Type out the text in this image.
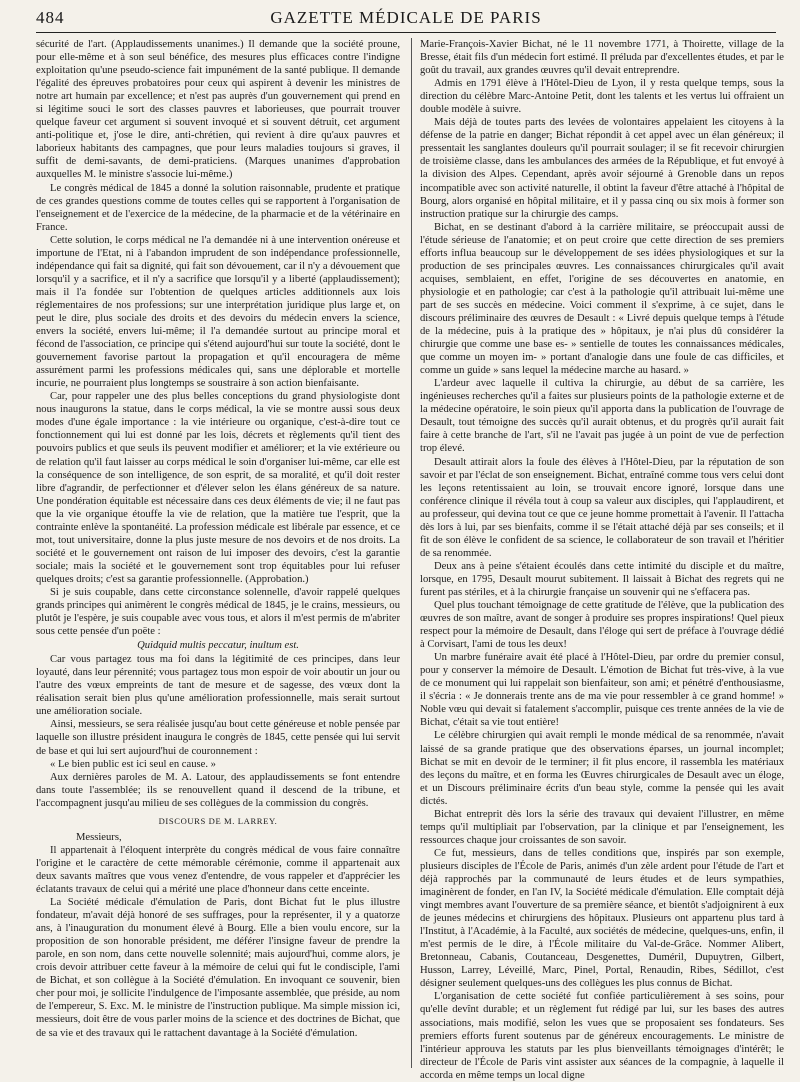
484	GAZETTE MÉDICALE DE PARIS

sécurité de l'art. (Applaudissements unanimes.) Il demande que la société proune, pour elle-même et à son seul bénéfice, des mesures plus efficaces contre l'indigne exploitation qu'une pseudo-science fait impunément de la santé publique. Il demande l'égalité des épreuves probatoires pour ceux qui aspirent à devenir les ministres de notre art humain par excellence; et n'est pas auprès d'un gouvernement qui prend en si légitime souci le sort des classes pauvres et laborieuses, que pourrait trouver quelque faveur cet argument si souvent invoqué et si souvent détruit, cet argument anti-politique et, j'ose le dire, anti-chrétien, qui revient à dire qu'aux pauvres et laborieux habitants des campagnes, que pour leurs maladies toujours si graves, il suffit de demi-savants, de demi-praticiens. (Marques unanimes d'approbation auxquelles M. le ministre s'associe lui-même.)

Le congrès médical de 1845 a donné la solution raisonnable, prudente et pratique de ces grandes questions comme de toutes celles qui se rapportent à l'organisation de l'enseignement et de l'exercice de la médecine, de la pharmacie et de la vétérinaire en France.

Cette solution, le corps médical ne l'a demandée ni à une intervention onéreuse et importune de l'Etat, ni à l'abandon imprudent de son indépendance professionnelle, indépendance qui fait sa dignité, qui fait son dévouement, car il n'y a dévouement que lorsqu'il y a sacrifice, et il n'y a sacrifice que lorsqu'il y a liberté (applaudissement); mais il l'a fondée sur l'obtention de quelques articles additionnels aux lois réglementaires de nos professions; sur une interprétation juridique plus large et, on peut le dire, plus sociale des droits et des devoirs du médecin envers la science, envers la société, envers lui-même; il l'a demandée surtout au principe moral et fécond de l'association, ce principe qui s'étend aujourd'hui sur toute la société, dont le gouvernement favorise partout la propagation et qu'il encouragera de même assurément parmi les professions médicales qui, sans une déplorable et mortelle incurie, ne pourraient plus longtemps se soustraire à son action bienfaisante.

Car, pour rappeler une des plus belles conceptions du grand physiologiste dont nous inaugurons la statue, dans le corps médical, la vie se montre aussi sous deux modes d'une égale importance : la vie intérieure ou organique, c'est-à-dire tout ce fonctionnement qui lui est donné par les lois, décrets et règlements qu'il tient des pouvoirs publics et que seuls ils peuvent modifier et améliorer; et la vie extérieure ou de relation qu'il faut laisser au corps médical le soin d'organiser lui-même, car elle est la conséquence de son intelligence, de son esprit, de sa moralité, et qu'il doit rester libre d'agrandir, de perfectionner et d'élever selon les élans généreux de sa nature. Une pondération équitable est nécessaire dans ces deux éléments de vie; il ne faut pas que la vie organique étouffe la vie de relation, que la matière tue l'esprit, que la contrainte enlève la spontanéité. La profession médicale est libérale par essence, et ce mot, tout universitaire, donne la plus juste mesure de nos devoirs et de nos droits. La société et le gouvernement ont raison de lui imposer des devoirs, c'est la garantie sociale; mais la société et le gouvernement sont trop équitables pour lui refuser quelques droits; c'est sa garantie professionnelle. (Approbation.)

Si je suis coupable, dans cette circonstance solennelle, d'avoir rappelé quelques grands principes qui animèrent le congrès médical de 1845, je le crains, messieurs, ou plutôt je l'espère, je suis coupable avec vous tous, et alors il m'est permis de m'abriter sous cette pensée d'un poëte :

Quidquid multis peccatur, inultum est.

Car vous partagez tous ma foi dans la légitimité de ces principes, dans leur loyauté, dans leur pérennité; vous partagez tous mon espoir de voir aboutir un jour ou l'autre des vœux empreints de tant de mesure et de sagesse, des vœux dont la réalisation serait bien plus qu'une amélioration professionnelle, mais serait surtout une amélioration sociale.

Ainsi, messieurs, se sera réalisée jusqu'au bout cette généreuse et noble pensée par laquelle son illustre président inaugura le congrès de 1845, cette pensée qui lui servit de base et qui lui sert aujourd'hui de couronnement :

« Le bien public est ici seul en cause. »

Aux dernières paroles de M. A. Latour, des applaudissements se font entendre dans toute l'assemblée; ils se renouvellent quand il descend de la tribune, et l'accompagnent jusqu'au milieu de ses collègues de la commission du congrès.

DISCOURS DE M. LARREY.

Messieurs,

Il appartenait à l'éloquent interprète du congrès médical de vous faire connaître l'origine et le caractère de cette mémorable cérémonie, comme il appartenait aux deux savants maîtres que vous venez d'entendre, de vous rappeler et d'apprécier les éclatants travaux de celui qui a mérité une place d'honneur dans cette enceinte.

La Société médicale d'émulation de Paris, dont Bichat fut le plus illustre fondateur, m'avait déjà honoré de ses suffrages, pour la représenter, il y a quatorze ans, à l'inauguration du monument élevé à Bourg. Elle a bien voulu encore, sur la proposition de son honorable président, me déférer l'insigne faveur de prendre la parole, en son nom, dans cette nouvelle solennité; mais aujourd'hui, comme alors, je crois devoir attribuer cette faveur à la mémoire de celui qui fut le condisciple, l'ami de Bichat, et son collègue à la Société d'émulation. En invoquant ce souvenir, bien cher pour moi, je sollicite l'indulgence de l'imposante assemblée, que préside, au nom de l'empereur, S. Exc. M. le ministre de l'instruction publique. Ma simple mission ici, messieurs, doit être de vous parler moins de la science et des doctrines de Bichat, que de sa vie et des travaux qui le rattachent davantage à la Société d'émulation.

Marie-François-Xavier Bichat, né le 11 novembre 1771, à Thoirette, village de la Bresse, était fils d'un médecin fort estimé. Il préluda par d'excellentes études, et par le goût du travail, aux grandes œuvres qu'il devait entreprendre.

Admis en 1791 élève à l'Hôtel-Dieu de Lyon, il y resta quelque temps, sous la direction du célèbre Marc-Antoine Petit, dont les talents et les vertus lui offraient un double modèle à suivre.

Mais déjà de toutes parts des levées de volontaires appelaient les citoyens à la défense de la patrie en danger; Bichat répondit à cet appel avec un élan généreux; il pressentait les sanglantes douleurs qu'il pourrait soulager; il se fit recevoir chirurgien de troisième classe, dans les ambulances des armées de la République, et fut envoyé à la division des Alpes. Cependant, après avoir séjourné à Grenoble dans un repos incompatible avec son activité naturelle, il obtint la faveur d'être attaché à l'hôpital de Bourg, alors organisé en hôpital militaire, et il y passa cinq ou six mois à former son instruction pratique sur la chirurgie des camps.

Bichat, en se destinant d'abord à la carrière militaire, se préoccupait aussi de l'étude sérieuse de l'anatomie; et on peut croire que cette direction de ses premiers efforts influa beaucoup sur le développement de ses idées physiologiques et sur la production de ses principales œuvres. Les connaissances chirurgicales qu'il avait acquises, semblaient, en effet, l'origine de ses découvertes en anatomie, en physiologie et en pathologie; car c'est à la pathologie qu'il attribuait lui-même une part de ses succès en médecine. Voici comment il s'exprime, à ce sujet, dans le discours préliminaire des œuvres de Desault : « Livré depuis quelque temps à l'étude de la médecine, puis à la pratique des » hôpitaux, je n'ai plus dû considérer la chirurgie que comme une base es- » sentielle de toutes les connaissances médicales, que comme un moyen im- » portant d'analogie dans une foule de cas difficiles, et comme un guide » sans lequel la médecine marche au hasard. »

L'ardeur avec laquelle il cultiva la chirurgie, au début de sa carrière, les ingénieuses recherches qu'il a faites sur plusieurs points de la pathologie externe et de la médecine opératoire, le soin pieux qu'il apporta dans la publication de l'ouvrage de Desault, tout témoigne des succès qu'il aurait obtenus, et du progrès qu'il aurait fait faire à cette branche de l'art, s'il ne l'avait pas jugée à un point de vue de perfection trop élevé.

Desault attirait alors la foule des élèves à l'Hôtel-Dieu, par la réputation de son savoir et par l'éclat de son enseignement. Bichat, entraîné comme tous vers celui dont les leçons retentissaient au loin, se trouvait encore ignoré, lorsque dans une conférence clinique il révéla tout à coup sa valeur aux disciples, qui l'applaudirent, et au professeur, qui devina tout ce que ce jeune homme promettait à l'avenir. Il l'attacha dès lors à lui, par ses bienfaits, comme il se l'était attaché déjà par ses conseils; et il fit de son élève le confident de sa science, le collaborateur de son travail et l'héritier de sa renommée.

Deux ans à peine s'étaient écoulés dans cette intimité du disciple et du maître, lorsque, en 1795, Desault mourut subitement. Il laissait à Bichat des regrets qui ne furent pas stériles, et à la chirurgie française un souvenir qui ne s'effacera pas.

Quel plus touchant témoignage de cette gratitude de l'élève, que la publication des œuvres de son maître, avant de songer à produire ses propres inspirations! Quel pieux respect pour la mémoire de Desault, dans l'éloge qui sert de préface à l'ouvrage dédié à Corvisart, l'ami de tous les deux!

Un marbre funéraire avait été placé à l'Hôtel-Dieu, par ordre du premier consul, pour y conserver la mémoire de Desault. L'émotion de Bichat fut très-vive, à la vue de ce monument qui lui rappelait son bienfaiteur, son ami; et pénétré d'enthousiasme, il s'écria : « Je donnerais trente ans de ma vie pour ressembler à ce grand homme! » Noble vœu qui devait si fatalement s'accomplir, puisque ces trente années de la vie de Bichat, c'était sa vie tout entière!

Le célèbre chirurgien qui avait rempli le monde médical de sa renommée, n'avait laissé de sa grande pratique que des observations éparses, un journal incomplet; Bichat se mit en devoir de le terminer; il fit plus encore, il rassembla les matériaux des leçons du maître, et en forma les Œuvres chirurgicales de Desault avec un éloge, et un Discours préliminaire écrits d'un beau style, comme la pensée qui les avait dictés.

Bichat entreprit dès lors la série des travaux qui devaient l'illustrer, en même temps qu'il multipliait par l'observation, par la clinique et par l'enseignement, les ressources chaque jour croissantes de son savoir.

Ce fut, messieurs, dans de telles conditions que, inspirés par son exemple, plusieurs disciples de l'École de Paris, animés d'un zèle ardent pour l'étude de l'art et déjà rapprochés par la communauté de leurs études et de leurs sympathies, imaginèrent de fonder, en l'an IV, la Société médicale d'émulation. Elle comptait déjà vingt membres avant l'ouverture de sa première séance, et bientôt s'adjoignirent à eux de jeunes médecins et chirurgiens des hôpitaux. Plusieurs ont appartenu plus tard à l'Institut, à l'Académie, à la Faculté, aux sociétés de médecine, quelques-uns, enfin, il m'est permis de le dire, à l'École militaire du Val-de-Grâce. Nommer Alibert, Bretonneau, Cabanis, Coutanceau, Desgenettes, Duméril, Dupuytren, Gilbert, Husson, Larrey, Léveillé, Marc, Pinel, Portal, Renaudin, Ribes, Sédillot, c'est désigner seulement quelques-uns des collègues les plus connus de Bichat.

L'organisation de cette société fut confiée particulièrement à ses soins, pour qu'elle devînt durable; et un règlement fut rédigé par lui, sur les bases des autres associations, mais modifié, selon les vues que se proposaient ses fondateurs. Ses premiers efforts furent soutenus par de généreux encouragements. Le ministre de l'intérieur approuva les statuts par les plus bienveillants témoignages d'intérêt; le directeur de l'École de Paris vint assister aux séances de la compagnie, à laquelle il accorda en même temps un local digne
